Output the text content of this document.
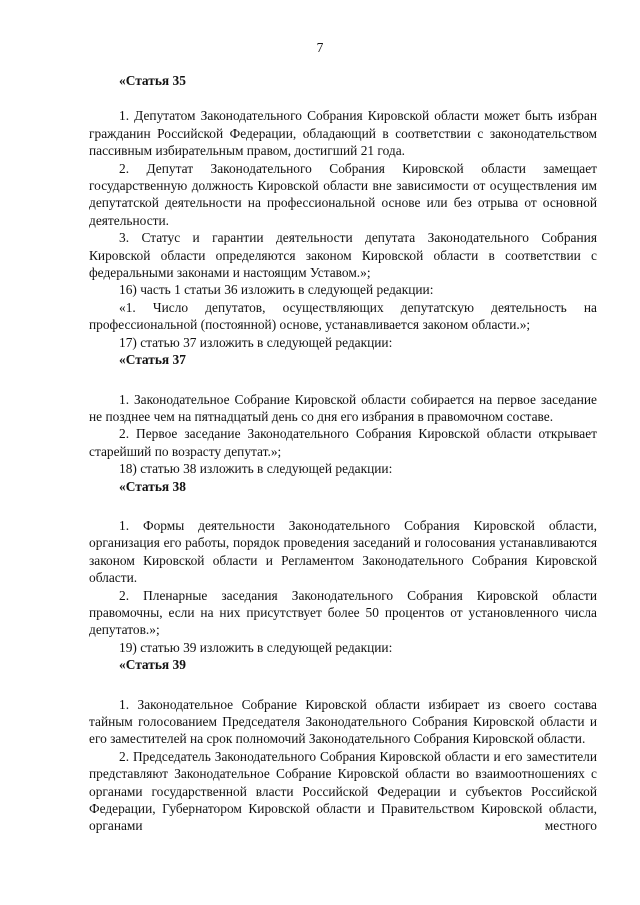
7

«Статья 35

1. Депутатом Законодательного Собрания Кировской области может быть избран гражданин Российской Федерации, обладающий в соответствии с законодательством пассивным избирательным правом, достигший 21 года.

2. Депутат Законодательного Собрания Кировской области замещает государственную должность Кировской области вне зависимости от осуществления им депутатской деятельности на профессиональной основе или без отрыва от основной деятельности.

3. Статус и гарантии деятельности депутата Законодательного Собрания Кировской области определяются законом Кировской области в соответствии с федеральными законами и настоящим Уставом.»;

16) часть 1 статьи 36 изложить в следующей редакции:

«1. Число депутатов, осуществляющих депутатскую деятельность на профессиональной (постоянной) основе, устанавливается законом области.»;

17) статью 37 изложить в следующей редакции:

«Статья 37

1. Законодательное Собрание Кировской области собирается на первое заседание не позднее чем на пятнадцатый день со дня его избрания в правомочном составе.

2. Первое заседание Законодательного Собрания Кировской области открывает старейший по возрасту депутат.»;

18) статью 38 изложить в следующей редакции:

«Статья 38

1. Формы деятельности Законодательного Собрания Кировской области, организация его работы, порядок проведения заседаний и голосования устанавливаются законом Кировской области и Регламентом Законодательного Собрания Кировской области.

2. Пленарные заседания Законодательного Собрания Кировской области правомочны, если на них присутствует более 50 процентов от установленного числа депутатов.»;

19) статью 39 изложить в следующей редакции:

«Статья 39

1. Законодательное Собрание Кировской области избирает из своего состава тайным голосованием Председателя Законодательного Собрания Кировской области и его заместителей на срок полномочий Законодательного Собрания Кировской области.

2. Председатель Законодательного Собрания Кировской области и его заместители представляют Законодательное Собрание Кировской области во взаимоотношениях с органами государственной власти Российской Федерации и субъектов Российской Федерации, Губернатором Кировской области и Правительством Кировской области, органами местного
